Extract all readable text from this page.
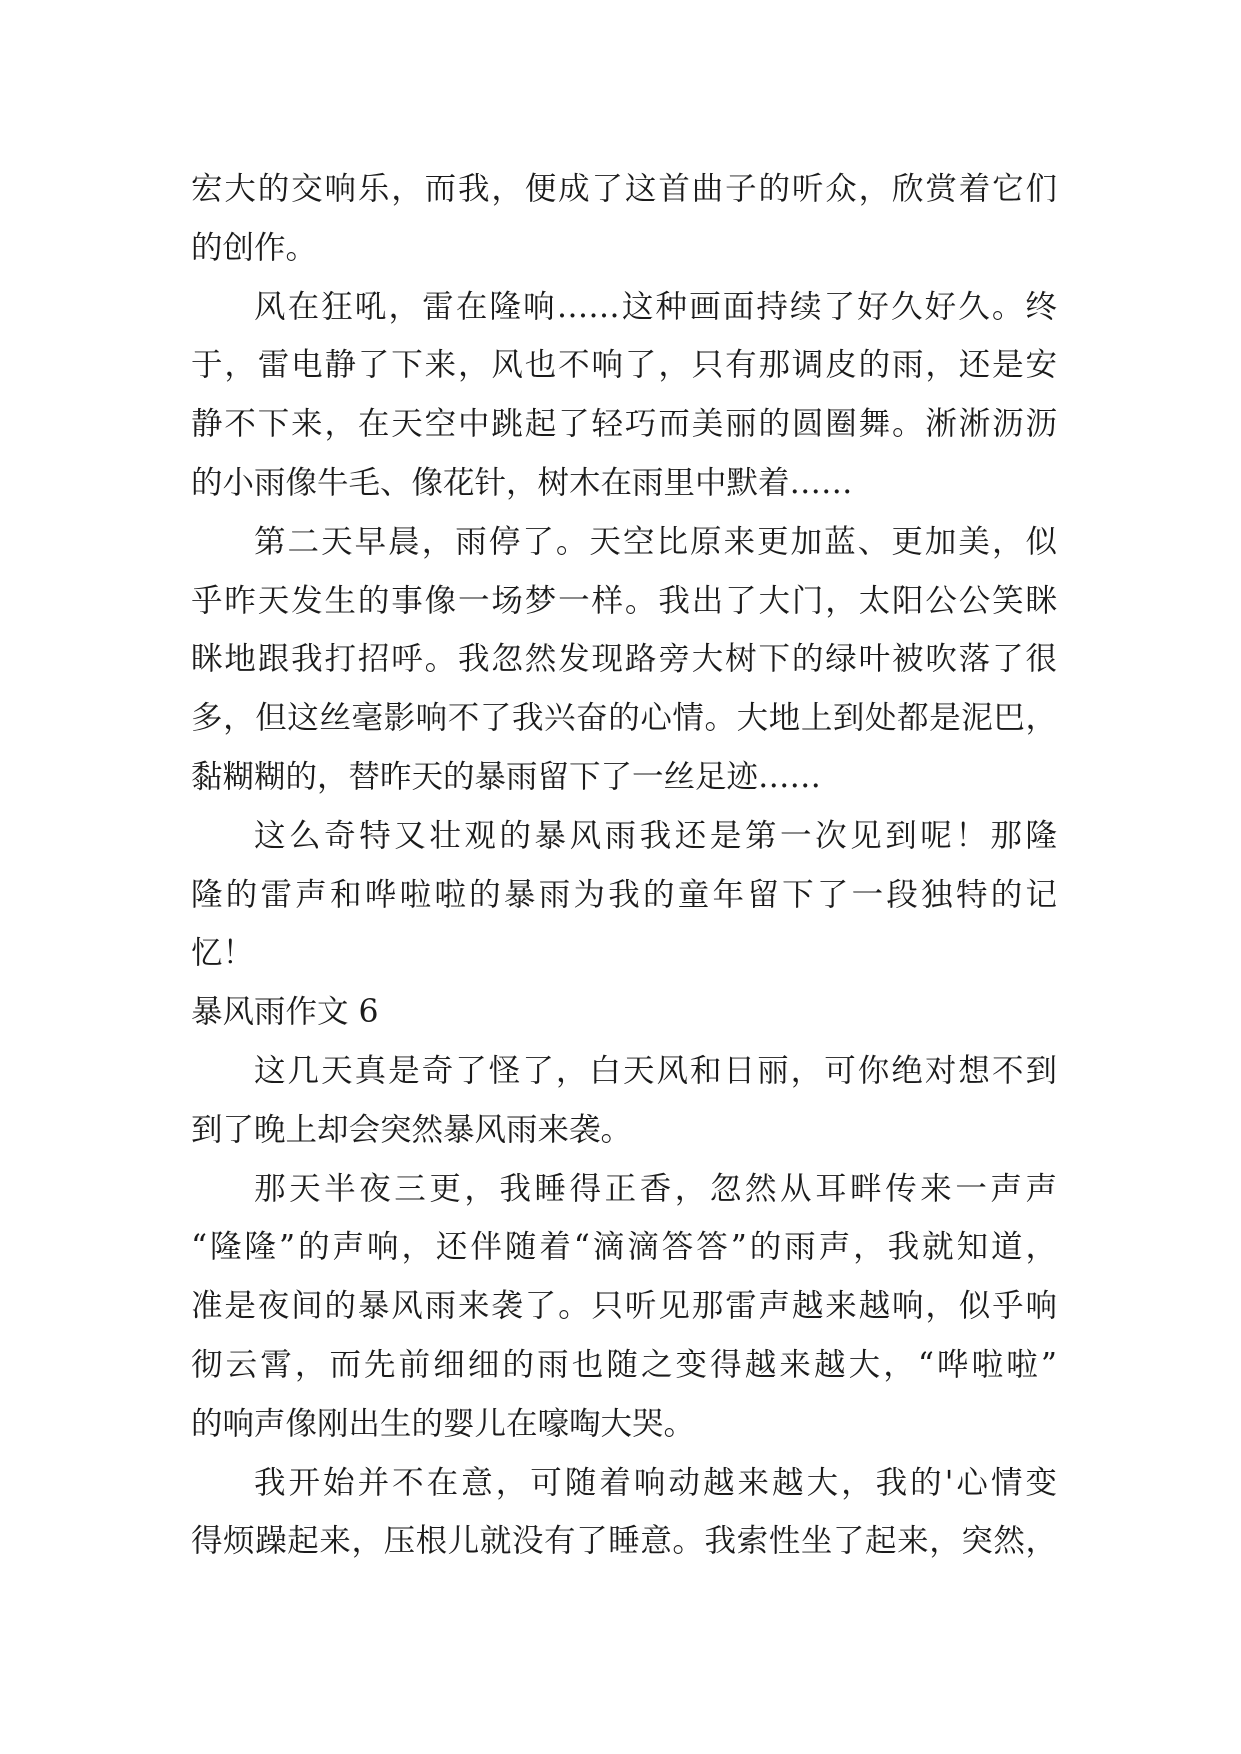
宏大的交响乐，而我，便成了这首曲子的听众，欣赏着它们
的创作。
风在狂吼，雷在隆响……这种画面持续了好久好久。终
于，雷电静了下来，风也不响了，只有那调皮的雨，还是安
静不下来，在天空中跳起了轻巧而美丽的圆圈舞。淅淅沥沥
的小雨像牛毛、像花针，树木在雨里中默着……
第二天早晨，雨停了。天空比原来更加蓝、更加美，似
乎昨天发生的事像一场梦一样。我出了大门，太阳公公笑眯
眯地跟我打招呼。我忽然发现路旁大树下的绿叶被吹落了很
多，但这丝毫影响不了我兴奋的心情。大地上到处都是泥巴，
黏糊糊的，替昨天的暴雨留下了一丝足迹……
这么奇特又壮观的暴风雨我还是第一次见到呢！那隆
隆的雷声和哗啦啦的暴雨为我的童年留下了一段独特的记
忆！
暴风雨作文 6
这几天真是奇了怪了，白天风和日丽，可你绝对想不到
到了晚上却会突然暴风雨来袭。
那天半夜三更，我睡得正香，忽然从耳畔传来一声声
“隆隆”的声响，还伴随着“滴滴答答”的雨声，我就知道，
准是夜间的暴风雨来袭了。只听见那雷声越来越响，似乎响
彻云霄，而先前细细的雨也随之变得越来越大，“哗啦啦”
的响声像刚出生的婴儿在嚎啕大哭。
我开始并不在意，可随着响动越来越大，我的'心情变
得烦躁起来，压根儿就没有了睡意。我索性坐了起来，突然，
